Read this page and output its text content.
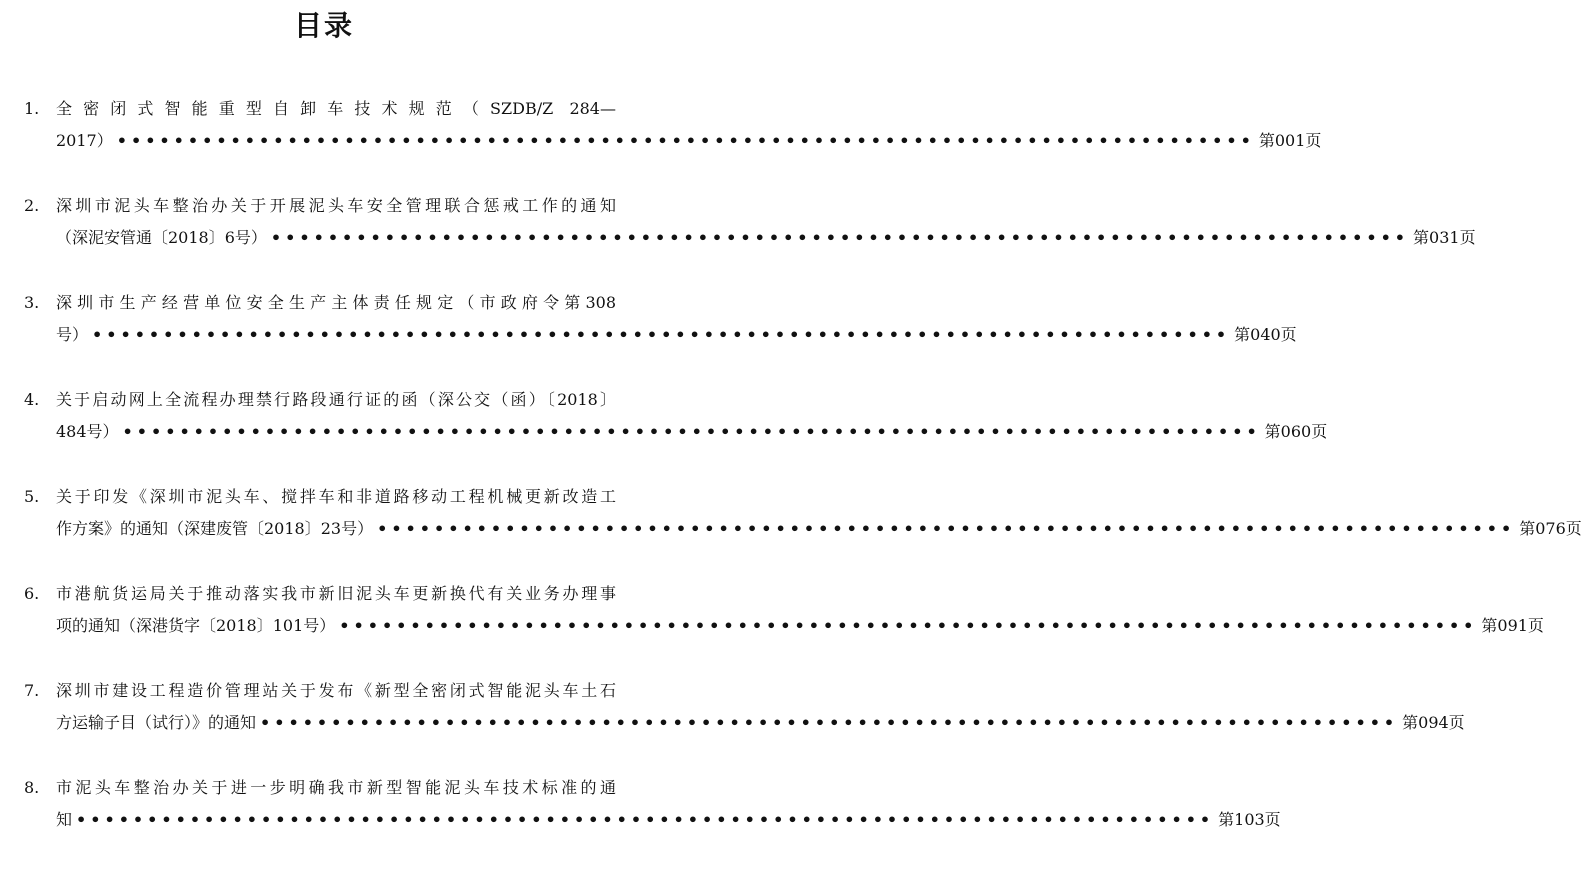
目录
1.	全密闭式智能重型自卸车技术规范（SZDB/Z 284—
2017） •••••••••••••••••••••••••••••••••••••••••••••••••••••••••••••••••••••••••••••••• 第001页
2.	深圳市泥头车整治办关于开展泥头车安全管理联合惩戒工作的通知
（深泥安管通〔2018〕6号） •••••••••••••••••••••••••••••••••••••••••••••••••••••••••••••••••••••••••••••••• 第031页
3.	深圳市生产经营单位安全生产主体责任规定（市政府令第308
号） •••••••••••••••••••••••••••••••••••••••••••••••••••••••••••••••••••••••••••••••• 第040页
4.	关于启动网上全流程办理禁行路段通行证的函（深公交（函）〔2018〕
484号） •••••••••••••••••••••••••••••••••••••••••••••••••••••••••••••••••••••••••••••••• 第060页
5.	关于印发《深圳市泥头车、搅拌车和非道路移动工程机械更新改造工
作方案》的通知（深建废管〔2018〕23号） •••••••••••••••••••••••••••••••••••••••••••••••••••••••••••••••••••••••••••••••• 第076页
6.	市港航货运局关于推动落实我市新旧泥头车更新换代有关业务办理事
项的通知（深港货字〔2018〕101号） •••••••••••••••••••••••••••••••••••••••••••••••••••••••••••••••••••••••••••••••• 第091页
7.	深圳市建设工程造价管理站关于发布《新型全密闭式智能泥头车土石
方运输子目（试行）》的通知 •••••••••••••••••••••••••••••••••••••••••••••••••••••••••••••••••••••••••••••••• 第094页
8.	市泥头车整治办关于进一步明确我市新型智能泥头车技术标准的通
知 •••••••••••••••••••••••••••••••••••••••••••••••••••••••••••••••••••••••••••••••• 第103页
